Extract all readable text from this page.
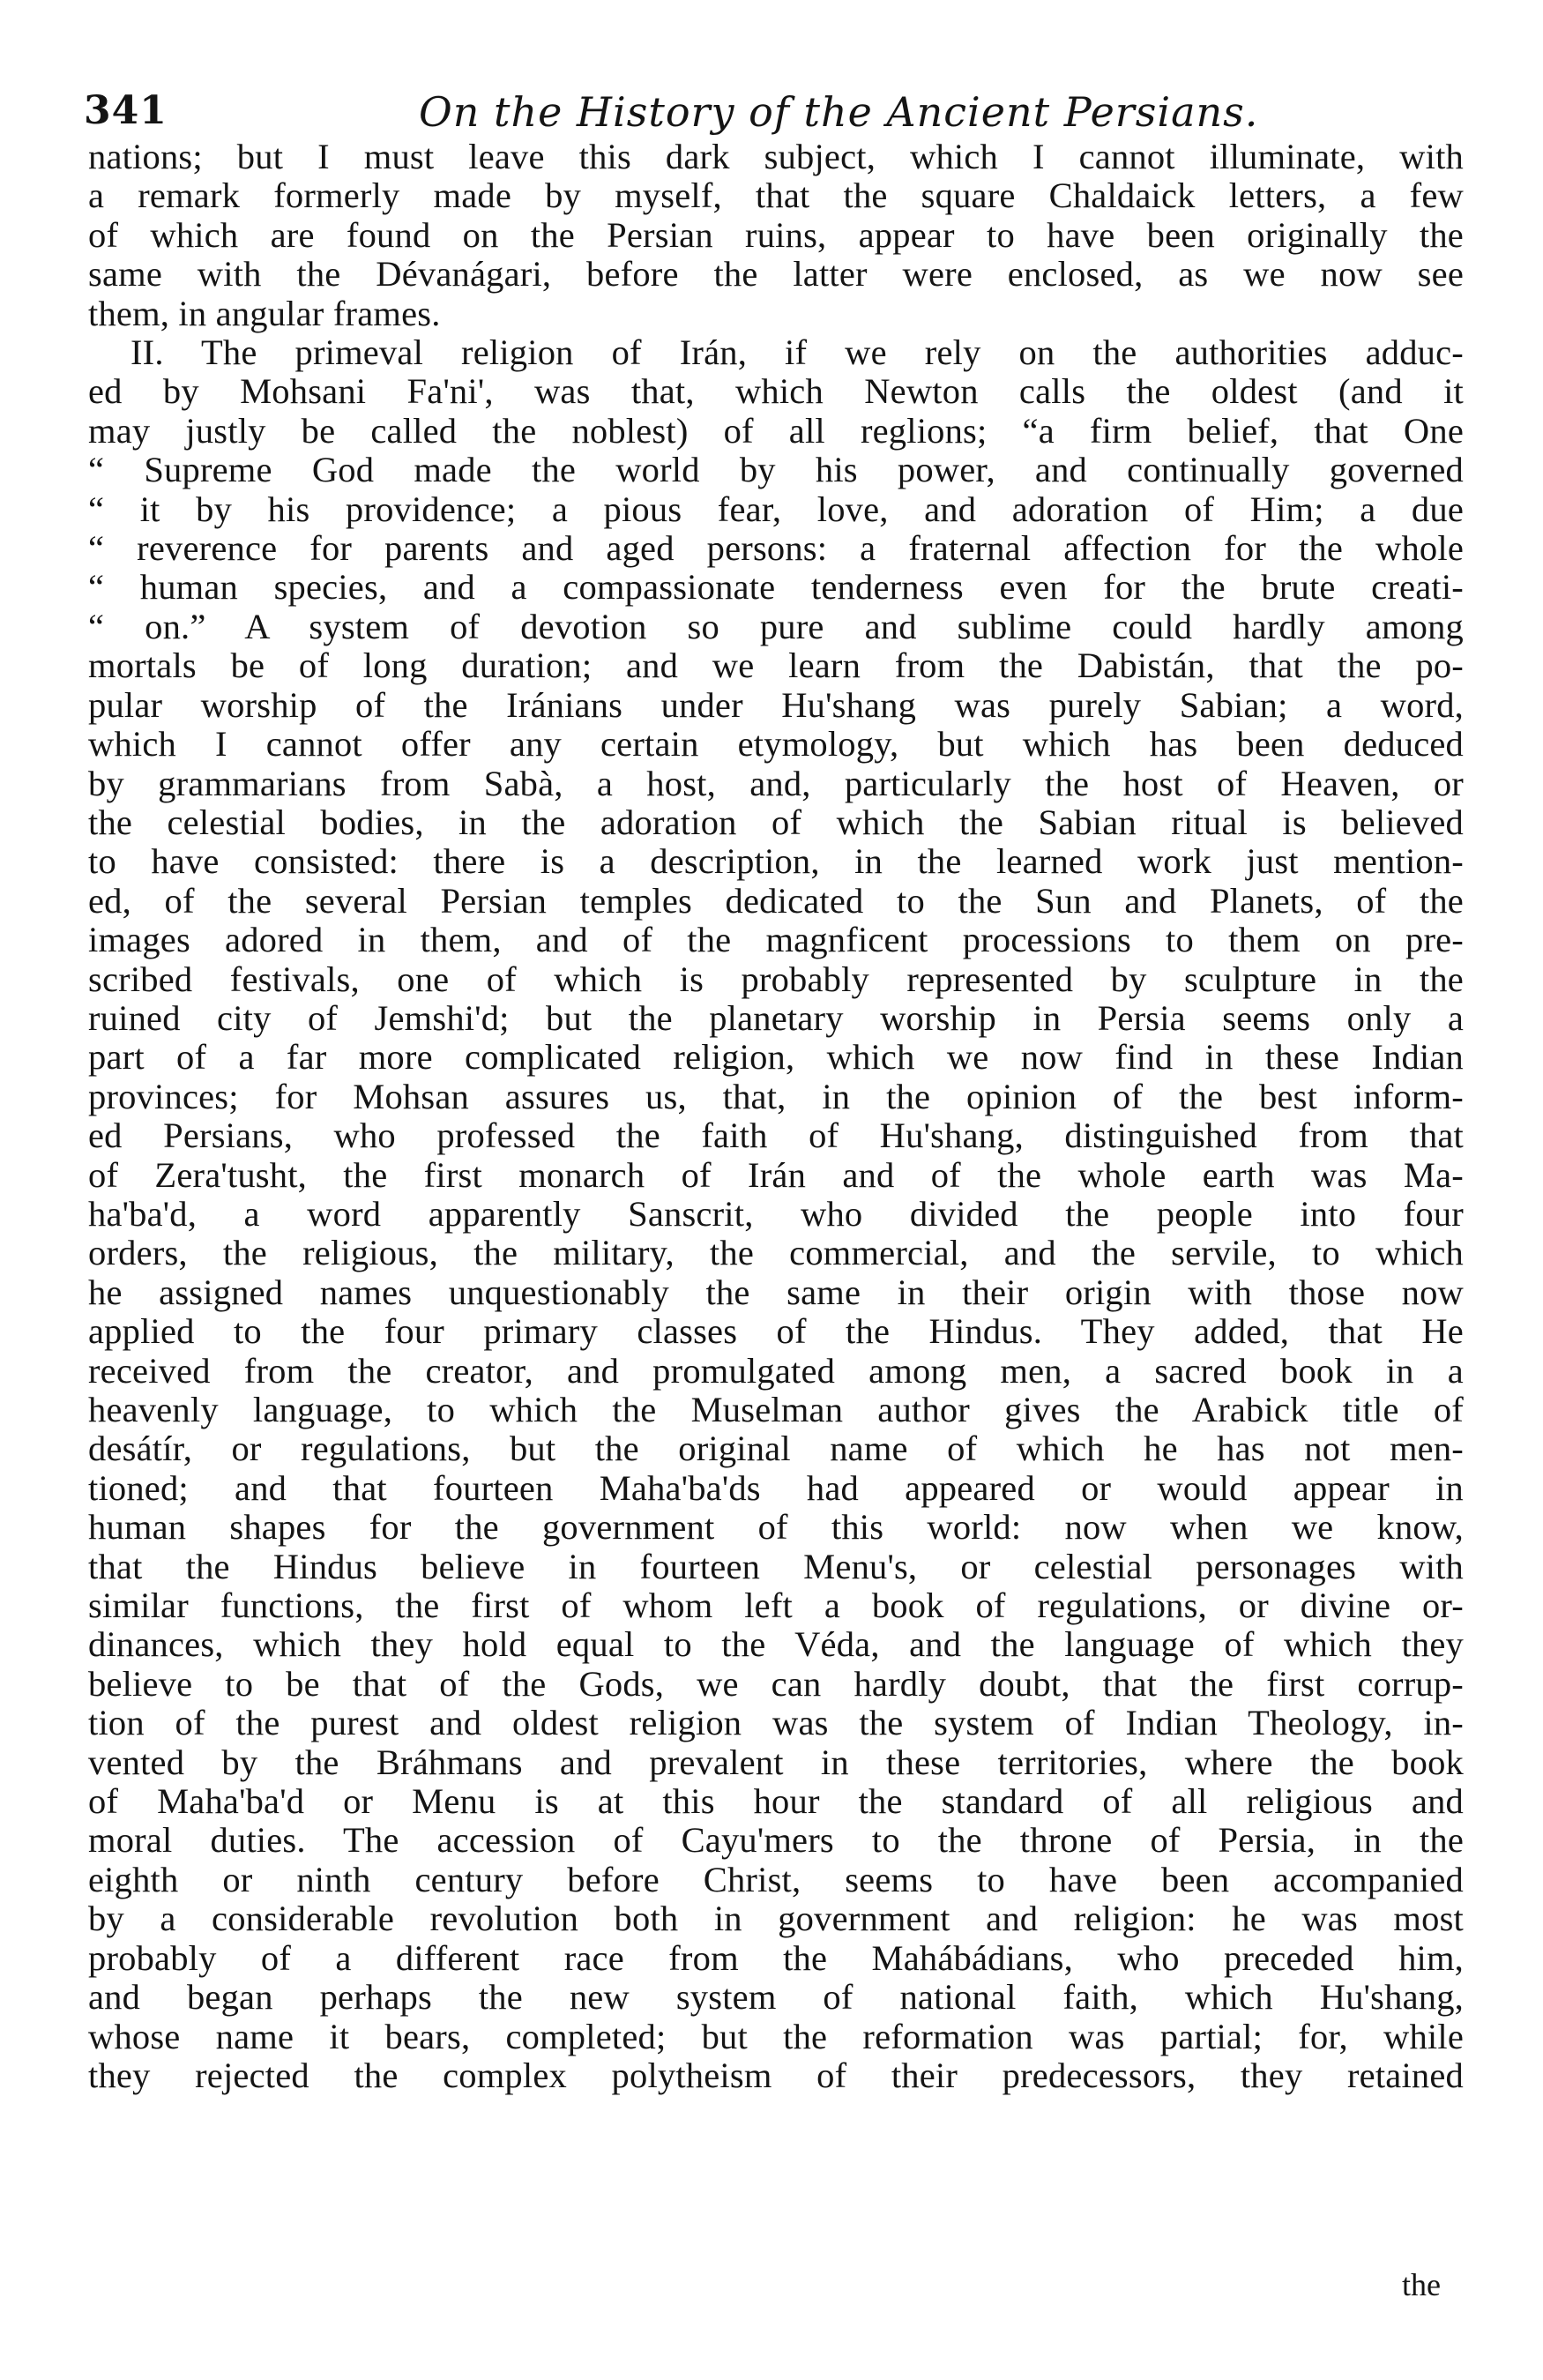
341	On the History of the Ancient Persians.
nations; but I must leave this dark subject, which I cannot illuminate, with
a remark formerly made by myself, that the square Chaldaick letters, a few
of which are found on the Persian ruins, appear to have been originally the
same with the Dévanágari, before the latter were enclosed, as we now see
them, in angular frames.
II. The primeval religion of Irán, if we rely on the authorities adduc-
ed by Mohsani Fa'ni', was that, which Newton calls the oldest (and it
may justly be called the noblest) of all reglions; “a firm belief, that One
“ Supreme God made the world by his power, and continually governed
“ it by his providence; a pious fear, love, and adoration of Him; a due
“ reverence for parents and aged persons: a fraternal affection for the whole
“ human species, and a compassionate tenderness even for the brute creati-
“ on.” A system of devotion so pure and sublime could hardly among
mortals be of long duration; and we learn from the Dabistán, that the po-
pular worship of the Iránians under Hu'shang was purely Sabian; a word,
which I cannot offer any certain etymology, but which has been deduced
by grammarians from Sabà, a host, and, particularly the host of Heaven, or
the celestial bodies, in the adoration of which the Sabian ritual is believed
to have consisted: there is a description, in the learned work just mention-
ed, of the several Persian temples dedicated to the Sun and Planets, of the
images adored in them, and of the magnficent processions to them on pre-
scribed festivals, one of which is probably represented by sculpture in the
ruined city of Jemshi'd; but the planetary worship in Persia seems only a
part of a far more complicated religion, which we now find in these Indian
provinces; for Mohsan assures us, that, in the opinion of the best inform-
ed Persians, who professed the faith of Hu'shang, distinguished from that
of Zera'tusht, the first monarch of Irán and of the whole earth was Ma-
ha'ba'd, a word apparently Sanscrit, who divided the people into four
orders, the religious, the military, the commercial, and the servile, to which
he assigned names unquestionably the same in their origin with those now
applied to the four primary classes of the Hindus. They added, that He
received from the creator, and promulgated among men, a sacred book in a
heavenly language, to which the Muselman author gives the Arabick title of
desátír, or regulations, but the original name of which he has not men-
tioned; and that fourteen Maha'ba'ds had appeared or would appear in
human shapes for the government of this world: now when we know,
that the Hindus believe in fourteen Menu's, or celestial personages with
similar functions, the first of whom left a book of regulations, or divine or-
dinances, which they hold equal to the Véda, and the language of which they
believe to be that of the Gods, we can hardly doubt, that the first corrup-
tion of the purest and oldest religion was the system of Indian Theology, in-
vented by the Bráhmans and prevalent in these territories, where the book
of Maha'ba'd or Menu is at this hour the standard of all religious and
moral duties. The accession of Cayu'mers to the throne of Persia, in the
eighth or ninth century before Christ, seems to have been accompanied
by a considerable revolution both in government and religion: he was most
probably of a different race from the Mahábádians, who preceded him,
and began perhaps the new system of national faith, which Hu'shang,
whose name it bears, completed; but the reformation was partial; for, while
they rejected the complex polytheism of their predecessors, they retained
the
